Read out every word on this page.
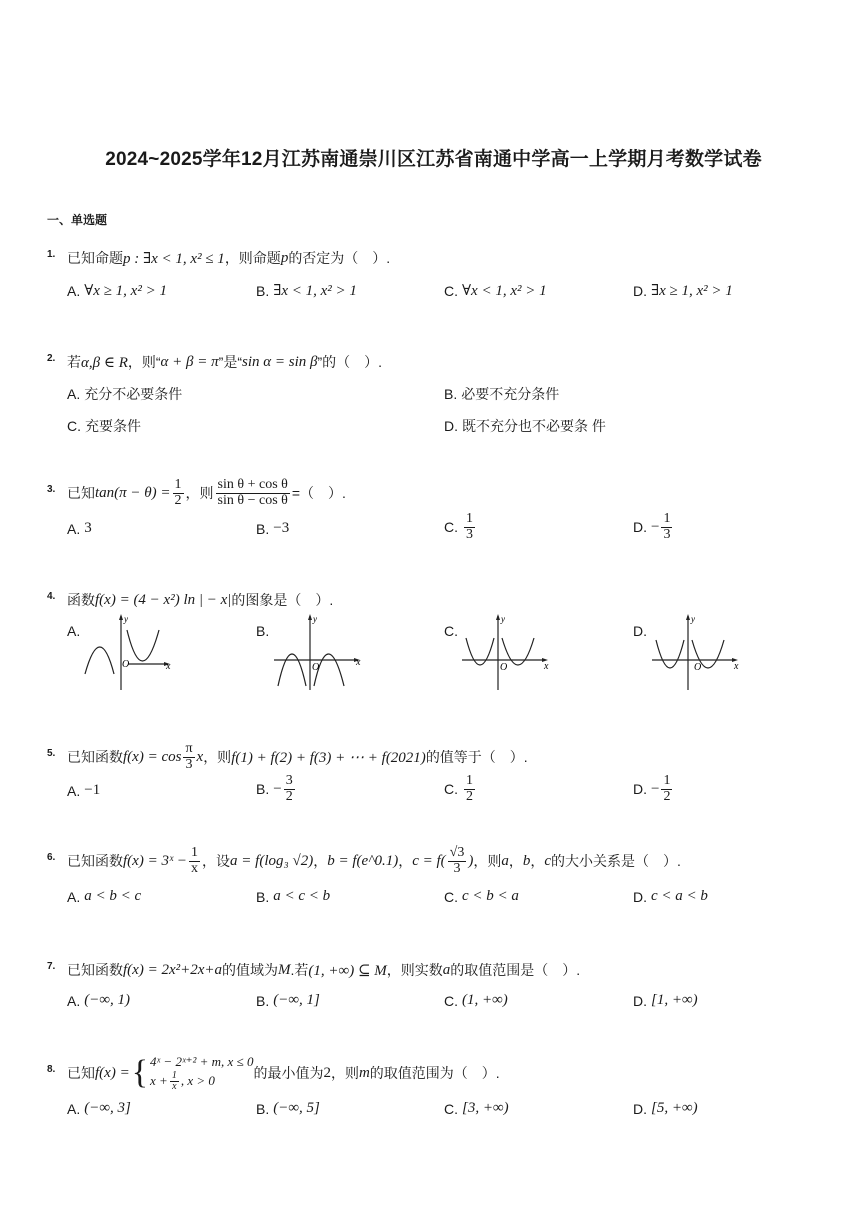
2024~2025学年12月江苏南通崇川区江苏省南通中学高一上学期月考数学试卷
一、单选题
1. 已知命题 p : ∃x < 1, x² ≤ 1 ，则命题 p 的否定为（　）.
A. ∀x ≥ 1, x² > 1	B. ∃x < 1, x² > 1	C. ∀x < 1, x² > 1	D. ∃x ≥ 1, x² > 1
2. 若 α,β ∈ R ，则“ α + β = π ”是“ sin α = sin β ”的（　）.
A. 充分不必要条件	B. 必要不充分条件
C. 充要条件	D. 既不充分也不必要条 件
3. 已知 $\tan(\pi - \theta) = \frac{1}{2}$ ，则 $\frac{\text{sin θ + cos θ}}{\text{sin θ − cos θ}}$ =（　）.
A. 3	B. −3	C. $\frac{1}{3}$	D. − $\frac{1}{3}$
4. 函数 f(x) = (4 − x²) ln | − x| 的图象是（　）.
A.	B.	C.	D.
y
x
O
y
x
O
y
x
O
y
x
O
5. 已知函数 $f(x) = \cos \frac{\pi}{3}$ x ，则 f(1) + f(2) + f(3) + ⋯ + f(2021) 的值等于（　）.
A. −1	B. − $\frac{3}{2}$	C. $\frac{1}{2}$	D. − $\frac{1}{2}$
6. 已知函数 f(x) = 3ˣ − $\frac{1}{x}$ ，设 a = f(log₃ √2) ， b = f(e^0.1) ， $c = f( \frac{√3}{3}$ ) ，则 a ， b ， c 的大小关系是（　）.
A. a < b < c	B. a < c < b	C. c < b < a	D. c < a < b
7. 已知函数 f(x) = 2 x²+2x+a 的值域为 M .若 (1, +∞) ⊆ M ，则实数 a 的取值范围是（　）.
A. (−∞, 1)	B. (−∞, 1]	C. (1, +∞)	D. [1, +∞)
8. 已知 f(x) = { 4ˣ − 2ˣ⁺² + m, x ≤ 0
$x + \frac{1}{x}$ , x > 0	的最小值为 2 ，则 m 的取值范围为（　）.
A. (−∞, 3]	B. (−∞, 5]	C. [3, +∞)	D. [5, +∞)
